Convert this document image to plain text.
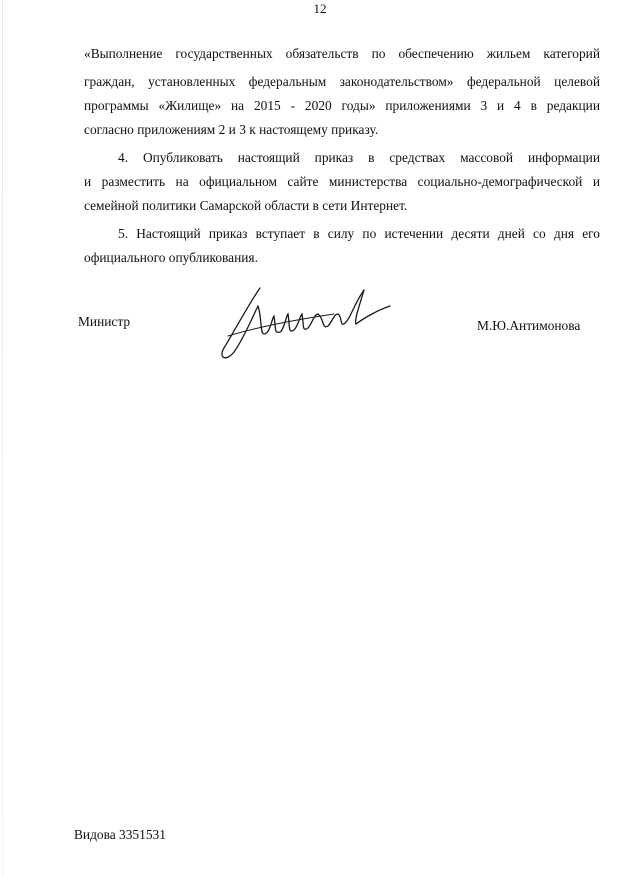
12
«Выполнение государственных обязательств по обеспечению жильем категорий
граждан, установленных федеральным законодательством» федеральной целевой
программы «Жилище» на 2015 - 2020 годы» приложениями 3 и 4 в редакции
согласно приложениям 2 и 3 к настоящему приказу.
4. Опубликовать настоящий приказ в средствах массовой информации
и разместить на официальном сайте министерства социально-демографической и
семейной политики Самарской области в сети Интернет.
5. Настоящий приказ вступает в силу по истечении десяти дней со дня его
официального опубликования.
Министр	М.Ю.Антимонова
Видова 3351531
